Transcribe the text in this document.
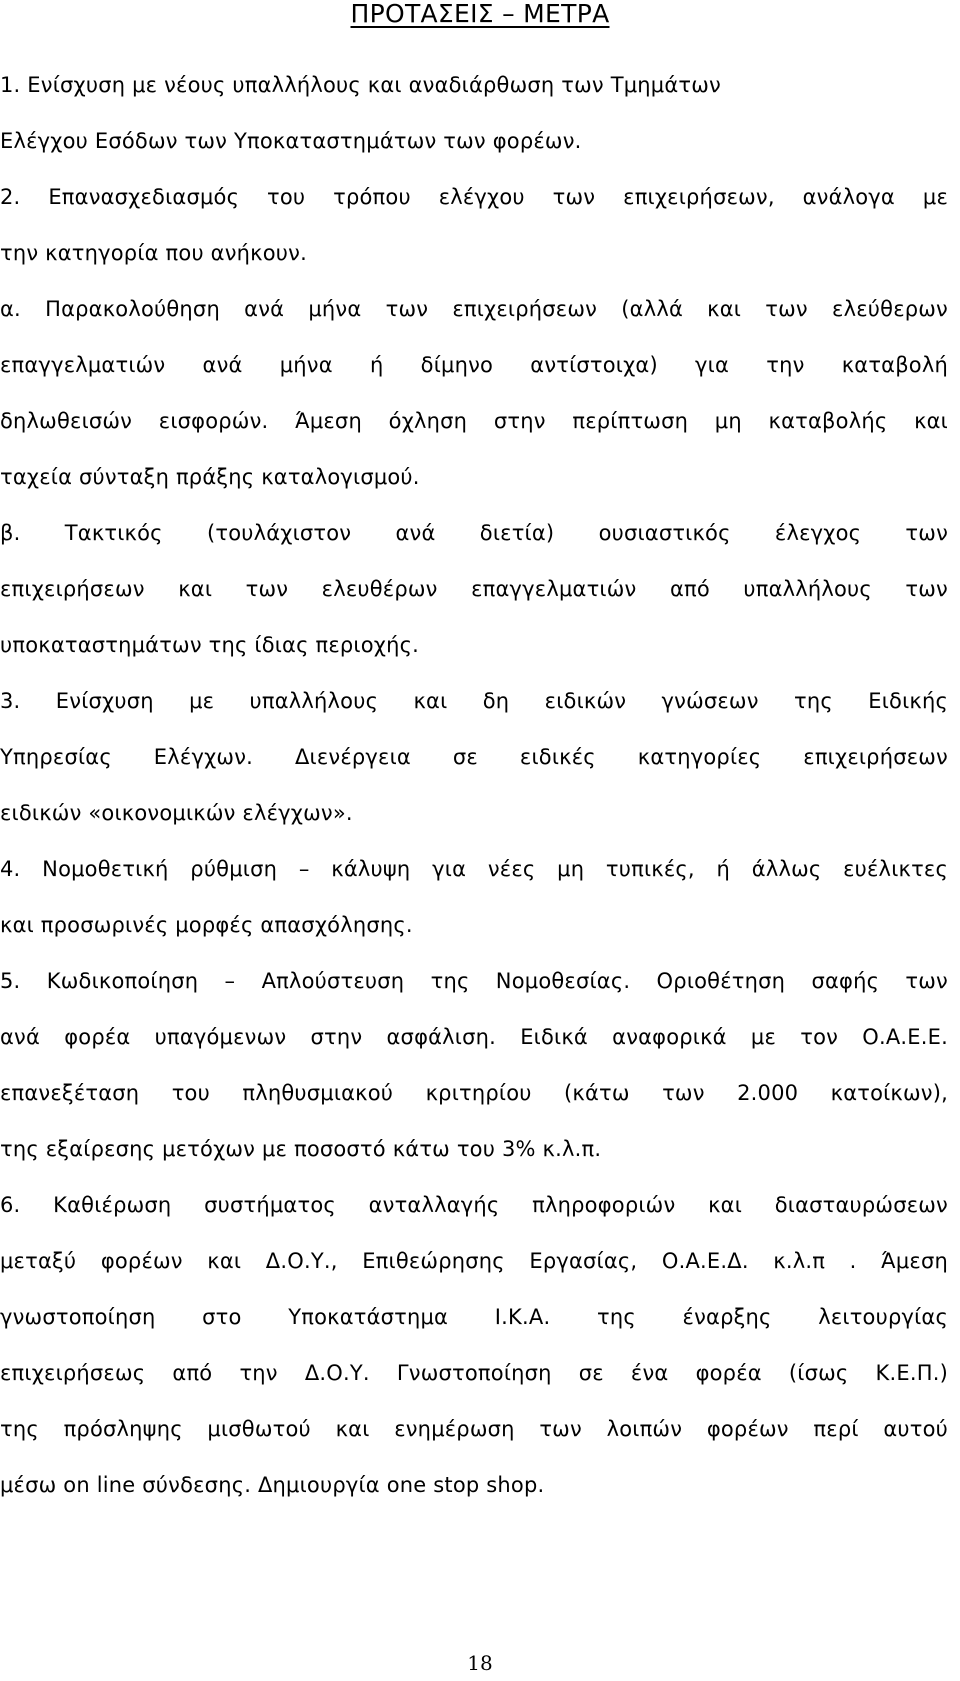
ΠΡΟΤΑΣΕΙΣ – ΜΕΤΡΑ
1. Ενίσχυση με νέους υπαλλήλους και αναδιάρθωση των Τμημάτων
Ελέγχου Εσόδων των Υποκαταστημάτων των φορέων.
2. Επανασχεδιασμός του τρόπου ελέγχου των επιχειρήσεων, ανάλογα με
την κατηγορία που ανήκουν.
α. Παρακολούθηση ανά μήνα των επιχειρήσεων (αλλά και των ελεύθερων
επαγγελματιών ανά μήνα ή δίμηνο αντίστοιχα) για την καταβολή
δηλωθεισών εισφορών. Άμεση όχληση στην περίπτωση μη καταβολής και
ταχεία σύνταξη πράξης καταλογισμού.
β. Τακτικός (τουλάχιστον ανά διετία) ουσιαστικός έλεγχος των
επιχειρήσεων και των ελευθέρων επαγγελματιών από υπαλλήλους των
υποκαταστημάτων της ίδιας περιοχής.
3. Ενίσχυση με υπαλλήλους και δη ειδικών γνώσεων της Ειδικής
Υπηρεσίας Ελέγχων. Διενέργεια σε ειδικές κατηγορίες επιχειρήσεων
ειδικών «οικονομικών ελέγχων».
4. Νομοθετική ρύθμιση – κάλυψη για νέες μη τυπικές, ή άλλως ευέλικτες
και προσωρινές μορφές απασχόλησης.
5. Κωδικοποίηση – Απλούστευση της Νομοθεσίας. Οριοθέτηση σαφής των
ανά φορέα υπαγόμενων στην ασφάλιση. Ειδικά αναφορικά με τον Ο.Α.Ε.Ε.
επανεξέταση του πληθυσμιακού κριτηρίου (κάτω των 2.000 κατοίκων),
της εξαίρεσης μετόχων με ποσοστό κάτω του 3% κ.λ.π.
6. Καθιέρωση συστήματος ανταλλαγής πληροφοριών και διασταυρώσεων
μεταξύ φορέων και Δ.Ο.Υ., Επιθεώρησης Εργασίας, Ο.Α.Ε.Δ. κ.λ.π . Άμεση
γνωστοποίηση στο Υποκατάστημα Ι.Κ.Α. της έναρξης λειτουργίας
επιχειρήσεως από την Δ.Ο.Υ. Γνωστοποίηση σε ένα φορέα (ίσως Κ.Ε.Π.)
της πρόσληψης μισθωτού και ενημέρωση των λοιπών φορέων περί αυτού
μέσω on line σύνδεσης. Δημιουργία one stop shop.
18
